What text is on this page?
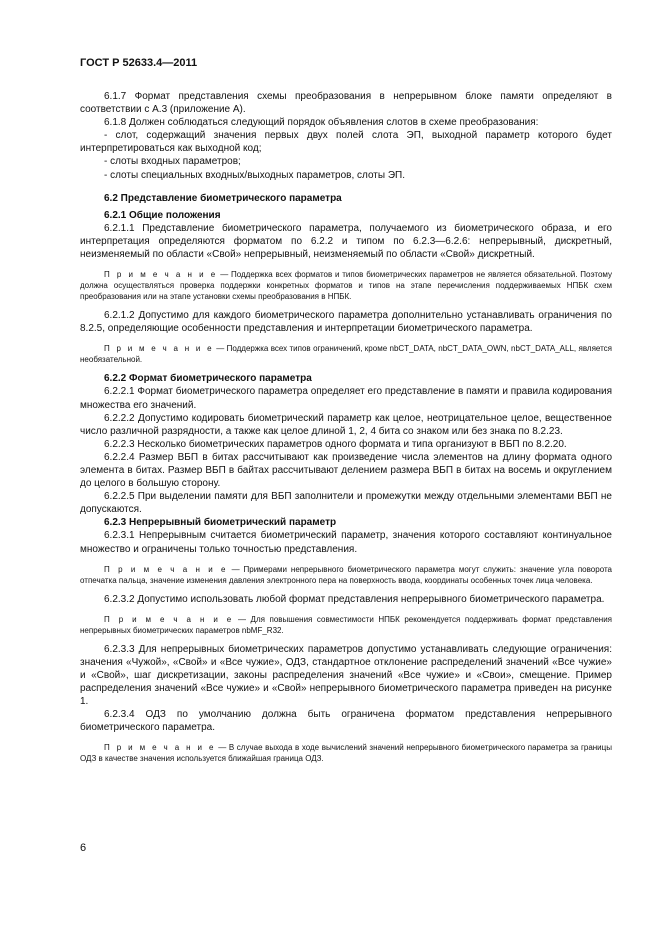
ГОСТ Р 52633.4—2011

6.1.7 Формат представления схемы преобразования в непрерывном блоке памяти определяют в соответствии с А.3 (приложение А).

6.1.8 Должен соблюдаться следующий порядок объявления слотов в схеме преобразования:

- слот, содержащий значения первых двух полей слота ЭП, выходной параметр которого будет интерпретироваться как выходной код;

- слоты входных параметров;

- слоты специальных входных/выходных параметров, слоты ЭП.

6.2 Представление биометрического параметра

6.2.1 Общие положения

6.2.1.1 Представление биометрического параметра, получаемого из биометрического образа, и его интерпретация определяются форматом по 6.2.2 и типом по 6.2.3—6.2.6: непрерывный, дискретный, неизменяемый по области «Свой» непрерывный, неизменяемый по области «Свой» дискретный.

П р и м е ч а н и е — Поддержка всех форматов и типов биометрических параметров не является обязательной. Поэтому должна осуществляться проверка поддержки конкретных форматов и типов на этапе перечисления поддерживаемых НПБК схем преобразования или на этапе установки схемы преобразования в НПБК.

6.2.1.2 Допустимо для каждого биометрического параметра дополнительно устанавливать ограничения по 8.2.5, определяющие особенности представления и интерпретации биометрического параметра.

П р и м е ч а н и е — Поддержка всех типов ограничений, кроме nbCT_DATA, nbCT_DATA_OWN, nbCT_DATA_ALL, является необязательной.

6.2.2 Формат биометрического параметра

6.2.2.1 Формат биометрического параметра определяет его представление в памяти и правила кодирования множества его значений.

6.2.2.2 Допустимо кодировать биометрический параметр как целое, неотрицательное целое, вещественное число различной разрядности, а также как целое длиной 1, 2, 4 бита со знаком или без знака по 8.2.23.

6.2.2.3 Несколько биометрических параметров одного формата и типа организуют в ВБП по 8.2.20.

6.2.2.4 Размер ВБП в битах рассчитывают как произведение числа элементов на длину формата одного элемента в битах. Размер ВБП в байтах рассчитывают делением размера ВБП в битах на восемь и округлением до целого в большую сторону.

6.2.2.5 При выделении памяти для ВБП заполнители и промежутки между отдельными элементами ВБП не допускаются.

6.2.3 Непрерывный биометрический параметр

6.2.3.1 Непрерывным считается биометрический параметр, значения которого составляют континуальное множество и ограничены только точностью представления.

П р и м е ч а н и е — Примерами непрерывного биометрического параметра могут служить: значение угла поворота отпечатка пальца, значение изменения давления электронного пера на поверхность ввода, координаты особенных точек лица человека.

6.2.3.2 Допустимо использовать любой формат представления непрерывного биометрического параметра.

П р и м е ч а н и е — Для повышения совместимости НПБК рекомендуется поддерживать формат представления непрерывных биометрических параметров nbMF_R32.

6.2.3.3 Для непрерывных биометрических параметров допустимо устанавливать следующие ограничения: значения «Чужой», «Свой» и «Все чужие», ОДЗ, стандартное отклонение распределений значений «Все чужие» и «Свой», шаг дискретизации, законы распределения значений «Все чужие» и «Свои», смещение. Пример распределения значений «Все чужие» и «Свой» непрерывного биометрического параметра приведен на рисунке 1.

6.2.3.4 ОДЗ по умолчанию должна быть ограничена форматом представления непрерывного биометрического параметра.

П р и м е ч а н и е — В случае выхода в ходе вычислений значений непрерывного биометрического параметра за границы ОДЗ в качестве значения используется ближайшая граница ОДЗ.

6
